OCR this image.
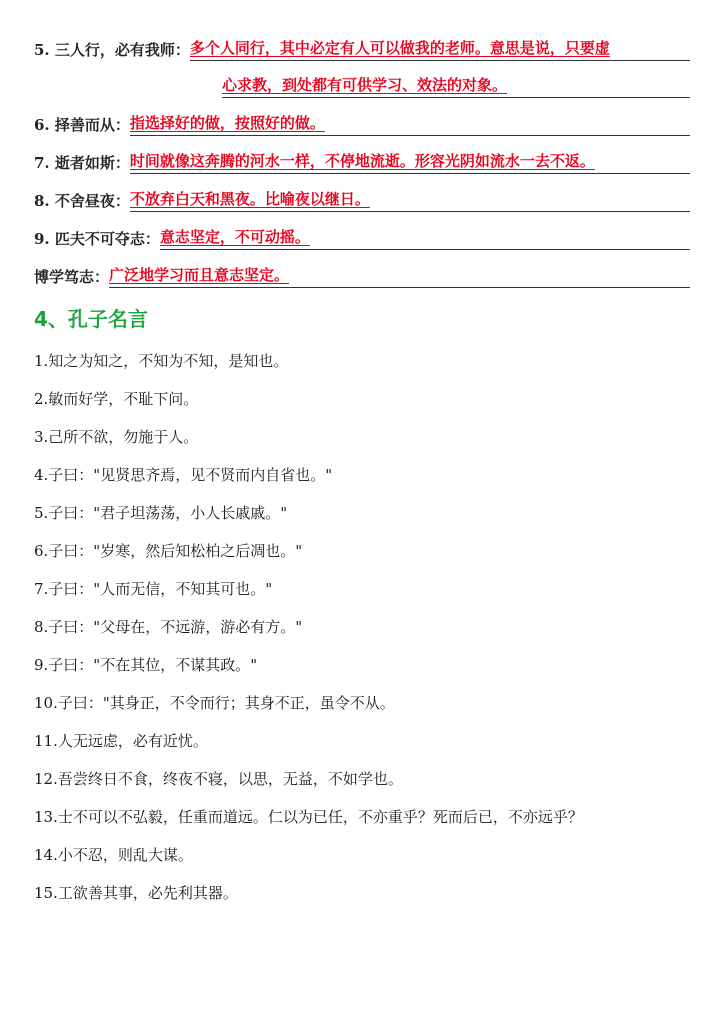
5. 三人行，必有我师： 多个人同行，其中必定有人可以做我的老师。意思是说，只要虚
心求教，到处都有可供学习、效法的对象。
6. 择善而从： 指选择好的做，按照好的做。
7. 逝者如斯： 时间就像这奔腾的河水一样，不停地流逝。形容光阴如流水一去不返。
8. 不舍昼夜： 不放弃白天和黑夜。比喻夜以继日。
9. 匹夫不可夺志： 意志坚定，不可动摇。
博学笃志： 广泛地学习而且意志坚定。
4、孔子名言
1.知之为知之，不知为不知，是知也。
2.敏而好学，不耻下问。
3.己所不欲，勿施于人。
4.子曰："见贤思齐焉，见不贤而内自省也。"
5.子曰："君子坦荡荡，小人长戚戚。"
6.子曰："岁寒，然后知松柏之后凋也。"
7.子曰："人而无信，不知其可也。"
8.子曰："父母在，不远游，游必有方。"
9.子曰："不在其位，不谋其政。"
10.子曰："其身正，不令而行；其身不正，虽令不从。
11.人无远虑，必有近忧。
12.吾尝终日不食，终夜不寝，以思，无益，不如学也。
13.士不可以不弘毅，任重而道远。仁以为已任，不亦重乎？死而后已，不亦远乎？
14.小不忍，则乱大谋。
15.工欲善其事，必先利其器。
